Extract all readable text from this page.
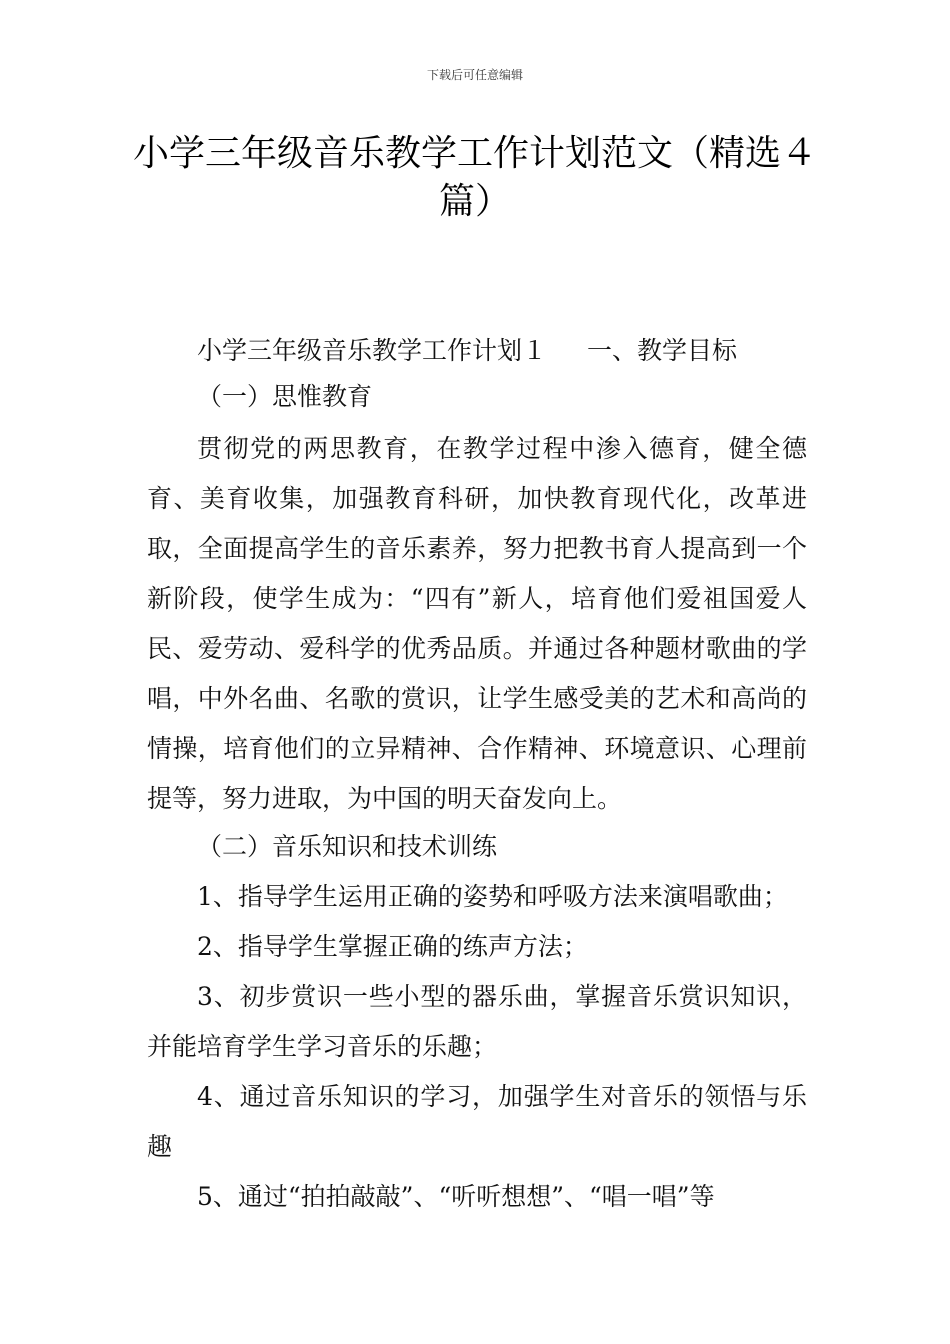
下载后可任意编辑
小学三年级音乐教学工作计划范文（精选４篇）

小学三年级音乐教学工作计划１ 一、教学目标

（一）思惟教育

贯彻党的两思教育，在教学过程中渗入德育，健全德育、美育收集，加强教育科研，加快教育现代化，改革进取，全面提高学生的音乐素养，努力把教书育人提高到一个新阶段，使学生成为：“四有”新人，培育他们爱祖国爱人民、爱劳动、爱科学的优秀品质。并通过各种题材歌曲的学唱，中外名曲、名歌的赏识，让学生感受美的艺术和高尚的情操，培育他们的立异精神、合作精神、环境意识、心理前提等，努力进取，为中国的明天奋发向上。

（二）音乐知识和技术训练

1、指导学生运用正确的姿势和呼吸方法来演唱歌曲；

2、指导学生掌握正确的练声方法；

3、初步赏识一些小型的器乐曲，掌握音乐赏识知识，并能培育学生学习音乐的乐趣；

4、通过音乐知识的学习，加强学生对音乐的领悟与乐趣

5、通过“拍拍敲敲”、“听听想想”、“唱一唱”等
